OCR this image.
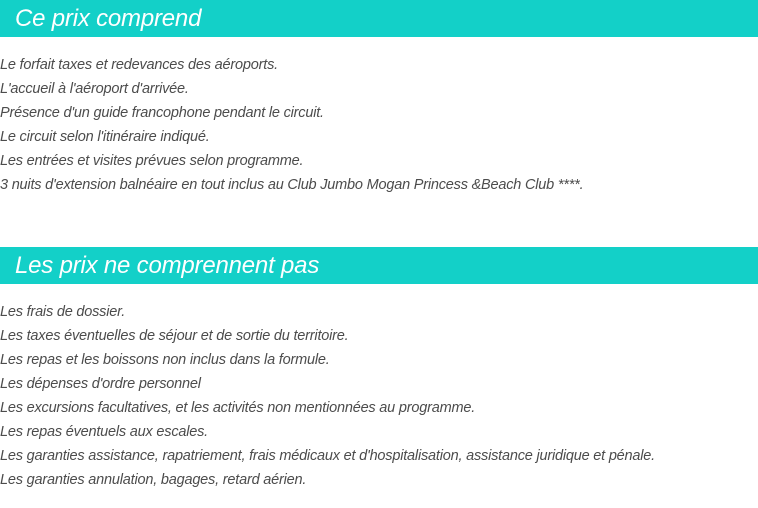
Ce prix comprend
Le forfait taxes et redevances des aéroports.
L'accueil à l'aéroport d'arrivée.
Présence d'un guide francophone pendant le circuit.
Le circuit selon l'itinéraire indiqué.
Les entrées et visites prévues selon programme.
3 nuits d'extension balnéaire en tout inclus au Club Jumbo Mogan Princess &Beach Club ****.
Les prix ne comprennent pas
Les frais de dossier.
Les taxes éventuelles de séjour et de sortie du territoire.
Les repas et les boissons non inclus dans la formule.
Les dépenses d'ordre personnel
Les excursions facultatives, et les activités non mentionnées au programme.
Les repas éventuels aux escales.
Les garanties assistance, rapatriement, frais médicaux et d'hospitalisation, assistance juridique et pénale.
Les garanties annulation, bagages, retard aérien.
